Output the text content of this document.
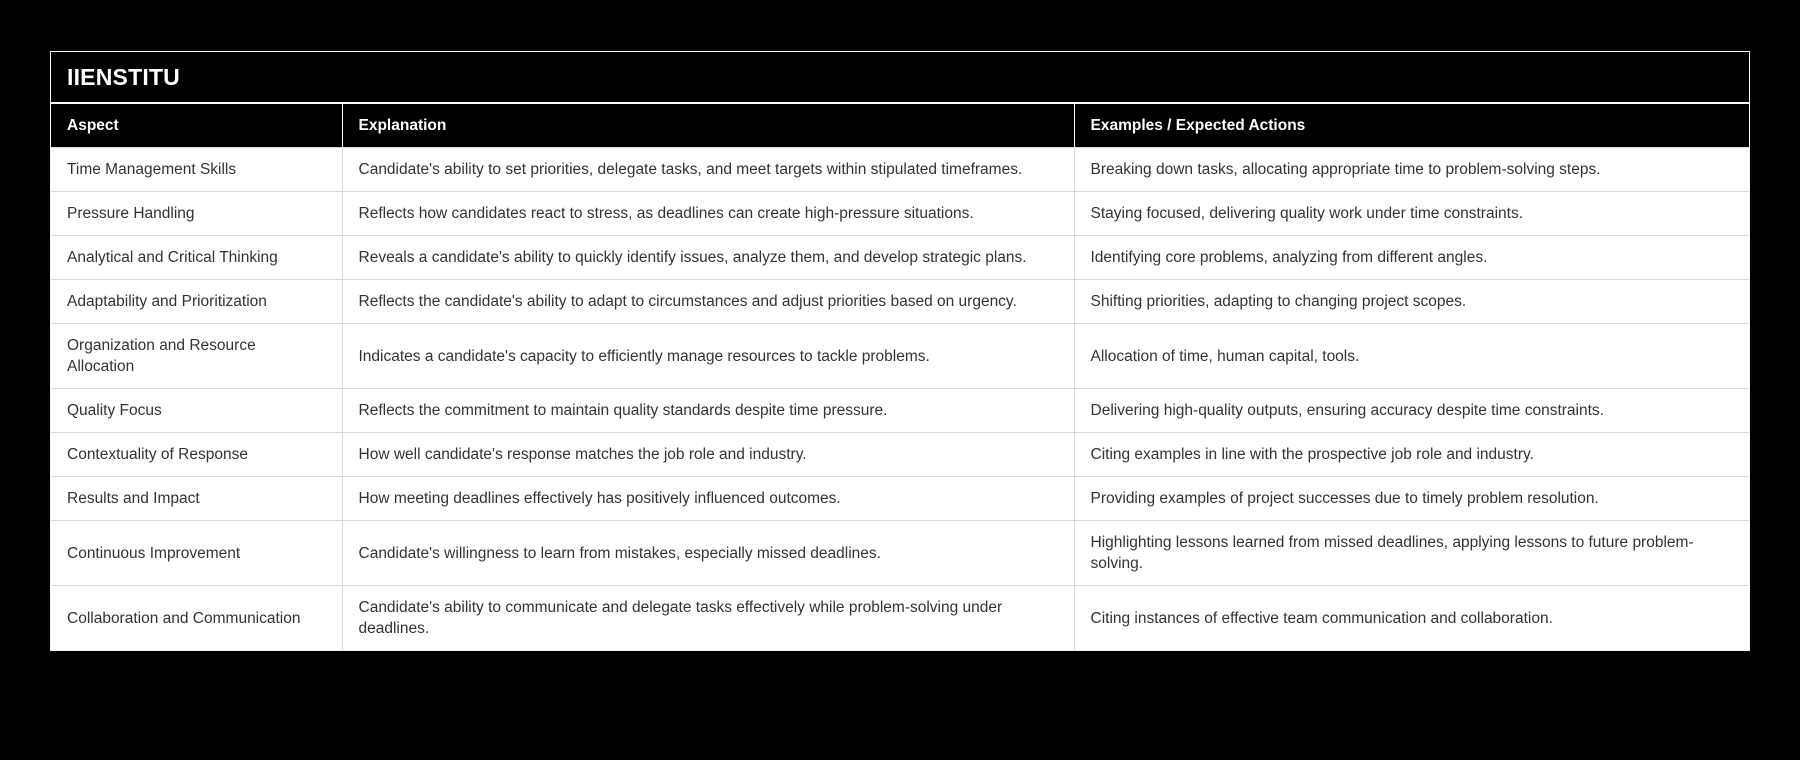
IIENSTITU
Aspect	Explanation	Examples / Expected Actions
Time Management Skills	Candidate's ability to set priorities, delegate tasks, and meet targets within stipulated timeframes.	Breaking down tasks, allocating appropriate time to problem-solving steps.
Pressure Handling	Reflects how candidates react to stress, as deadlines can create high-pressure situations.	Staying focused, delivering quality work under time constraints.
Analytical and Critical Thinking	Reveals a candidate's ability to quickly identify issues, analyze them, and develop strategic plans.	Identifying core problems, analyzing from different angles.
Adaptability and Prioritization	Reflects the candidate's ability to adapt to circumstances and adjust priorities based on urgency.	Shifting priorities, adapting to changing project scopes.
Organization and Resource Allocation	Indicates a candidate's capacity to efficiently manage resources to tackle problems.	Allocation of time, human capital, tools.
Quality Focus	Reflects the commitment to maintain quality standards despite time pressure.	Delivering high-quality outputs, ensuring accuracy despite time constraints.
Contextuality of Response	How well candidate's response matches the job role and industry.	Citing examples in line with the prospective job role and industry.
Results and Impact	How meeting deadlines effectively has positively influenced outcomes.	Providing examples of project successes due to timely problem resolution.
Continuous Improvement	Candidate's willingness to learn from mistakes, especially missed deadlines.	Highlighting lessons learned from missed deadlines, applying lessons to future problem-solving.
Collaboration and Communication	Candidate's ability to communicate and delegate tasks effectively while problem-solving under deadlines.	Citing instances of effective team communication and collaboration.
